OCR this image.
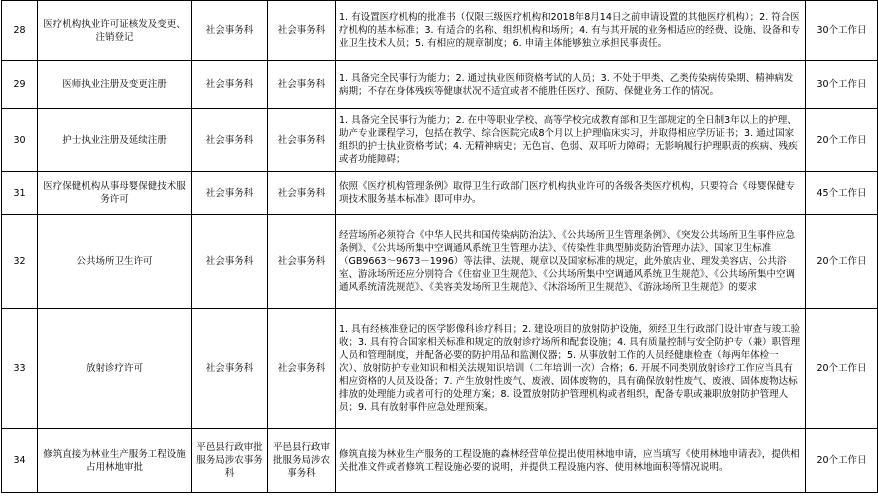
28	医疗机构执业许可证核发及变更、注销登记	社会事务科	社会事务科	1. 有设置医疗机构的批准书（仅限三级医疗机构和2018年8月14日之前申请设置的其他医疗机构）；2. 符合医疗机构的基本标准；3. 有适合的名称、组织机构和场所；4. 有与其开展的业务相适应的经费、设施、设备和专业卫生技术人员；5. 有相应的规章制度；6. 申请主体能够独立承担民事责任。	30个工作日
29	医师执业注册及变更注册	社会事务科	社会事务科	1. 具备完全民事行为能力；2. 通过执业医师资格考试的人员；3. 不处于甲类、乙类传染病传染期、精神病发病期；不存在身体残疾等健康状况不适宜或者不能胜任医疗、预防、保健业务工作的情况。	30个工作日
30	护士执业注册及延续注册	社会事务科	社会事务科	1. 具备完全民事行为能力；2. 在中等职业学校、高等学校完成教育部和卫生部规定的全日制3年以上的护理、助产专业课程学习，包括在教学、综合医院完成8个月以上护理临床实习，并取得相应学历证书；3. 通过国家组织的护士执业资格考试；4. 无精神病史；无色盲、色弱、双耳听力障碍；无影响履行护理职责的疾病、残疾或者功能障碍；	20个工作日
31	医疗保健机构从事母婴保健技术服务许可	社会事务科	社会事务科	依照《医疗机构管理条例》取得卫生行政部门医疗机构执业许可的各级各类医疗机构，只要符合《母婴保健专项技术服务基本标准》即可申办。	45个工作日
32	公共场所卫生许可	社会事务科	社会事务科	经营场所必须符合《中华人民共和国传染病防治法》、《公共场所卫生管理条例》、《突发公共场所卫生事件应急条例》、《公共场所集中空调通风系统卫生管理办法》、《传染性非典型肺炎防治管理办法》、国家卫生标准（GB9663～9673－1996）等法律、法规、规章以及国家标准的规定，此外旅店业、理发美容店、公共浴室、游泳场所还应分别符合《住宿业卫生规范》、《公共场所集中空调通风系统卫生规范》、《公共场所集中空调通风系统清洗规范》、《美容美发场所卫生规范》、《沐浴场所卫生规范》、《游泳场所卫生规范》的要求	20个工作日
33	放射诊疗许可	社会事务科	社会事务科	1. 具有经核准登记的医学影像科诊疗科目；2. 建设项目的放射防护设施，须经卫生行政部门设计审查与竣工验收；3. 具有符合国家相关标准和规定的放射诊疗场所和配套设施；4. 具有质量控制与安全防护专（兼）职管理人员和管理制度，并配备必要的防护用品和监测仪器；5. 从事放射工作的人员经健康检查（每两年体检一次）、放射防护专业知识和相关法规知识培训（二年培训一次）合格；6. 开展不同类别放射诊疗工作应当具有相应资格的人员及设备；7. 产生放射性废气、废液、固体废物的，具有确保放射性废气、废液、固体废物达标排放的处理能力或者可行的处理方案；8. 设置放射防护管理机构或者组织，配备专职或兼职放射防护管理人员；9. 具有放射事件应急处理预案。	20个工作日
34	修筑直接为林业生产服务工程设施占用林地审批	平邑县行政审批服务局涉农事务科	平邑县行政审批服务局涉农事务科	修筑直接为林业生产服务的工程设施的森林经营单位提出使用林地申请，应当填写《使用林地申请表》，提供相关批准文件或者修筑工程设施必要的说明，并提供工程设施内容、使用林地面积等情况说明。	20个工作日
